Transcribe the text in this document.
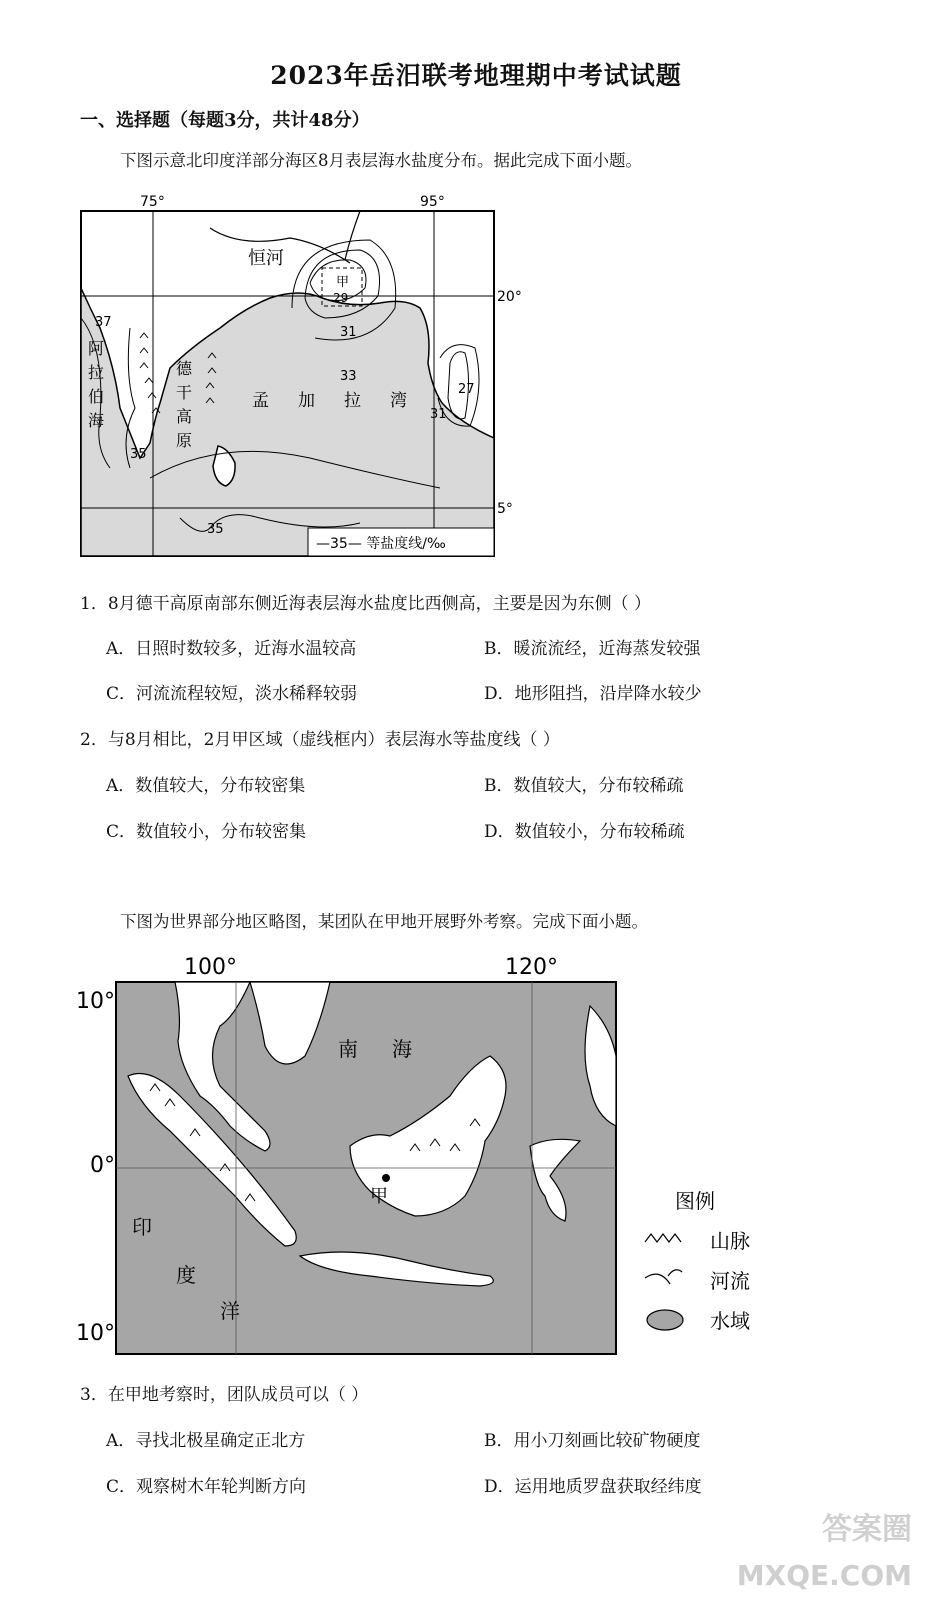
2023年岳汨联考地理期中考试试题
一、选择题（每题3分，共计48分）
下图示意北印度洋部分海区8月表层海水盐度分布。据此完成下面小题。
75°	95°
20°
5°
恒河
甲
29
37
31
33
35
35
27
31
德
干
高
原
阿
拉
伯
海
孟 加 拉 湾
—35— 等盐度线/‰
1．8月德干高原南部东侧近海表层海水盐度比西侧高，主要是因为东侧（ ）
A．日照时数较多，近海水温较高	B．暖流流经，近海蒸发较强
C．河流流程较短，淡水稀释较弱	D．地形阻挡，沿岸降水较少
2．与8月相比，2月甲区域（虚线框内）表层海水等盐度线（ ）
A．数值较大，分布较密集	B．数值较大，分布较稀疏
C．数值较小，分布较密集	D．数值较小，分布较稀疏
下图为世界部分地区略图，某团队在甲地开展野外考察。完成下面小题。
甲
100°	120°
10°
0°
10°
南 海
印
度
洋
图例
山脉
河流
水域
3．在甲地考察时，团队成员可以（ ）
A．寻找北极星确定正北方	B．用小刀刻画比较矿物硬度
C．观察树木年轮判断方向	D．运用地质罗盘获取经纬度
答案圈
MXQE.COM
